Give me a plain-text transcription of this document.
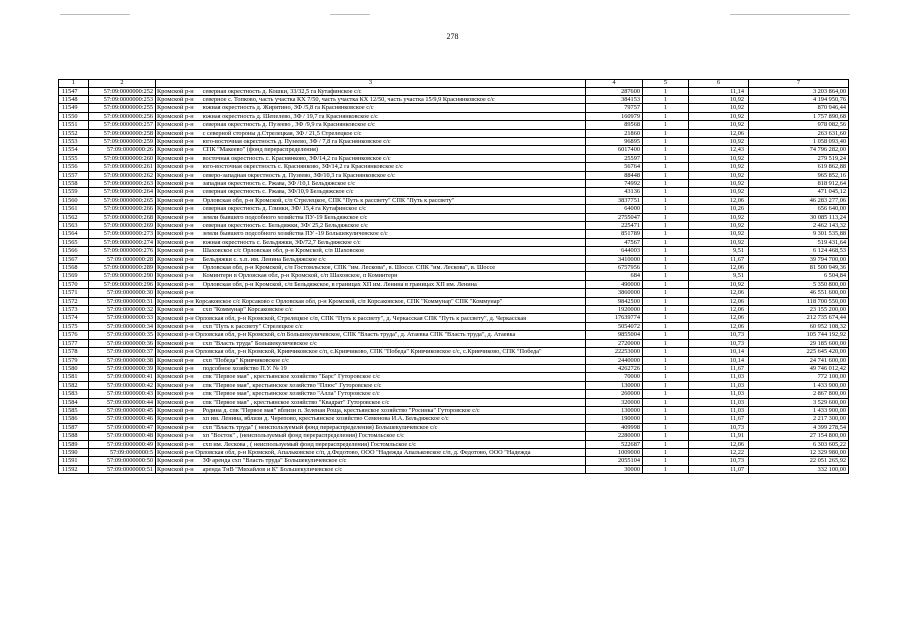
278
1	2	3	4	5	6	7
11547	57:09:0000000:252	Кромской р-н северная окрестность д. Кошки, 33/32,5 га Кутафинское с/с	287600	1	11,14	3 203 864,00
11548	57:09:0000000:253	Кромской р-н северное с. Топково, часть участка КХ 7/50, часть участка КХ 12/50, часть участка 15/9,9 Краснянковское с/с	384153	1	10,92	4 194 950,76
11549	57:09:0000000:255	Кромской р-н южная окрестность д. Жирятино, ЗФ /5,8 га Краснянковское с/с	79757	1	10,92	870 946,44
11550	57:09:0000000:256	Кромской р-н южная окрестность д. Шепелево, ЗФ / 19,7 га Краснянковское с/с	160979	1	10,92	1 757 890,68
11551	57:09:0000000:257	Кромской р-н северная окрестность д. Пузеево , ЗФ /9,9 га Краснянковское с/с	89568	1	10,92	978 082,56
11552	57:09:0000000:258	Кромской р-н с северной стороны д.Стрелецкая, ЗФ / 21,5 Стрелецкое с/с	21860	1	12,06	263 631,60
11553	57:09:0000000:259	Кромской р-н юго-восточная окрестность д. Пузеево, ЗФ / 7,8 га Краснянковское с/с	96895	1	10,92	1 058 093,40
11554	57:09:0000000:26	Кромской р-н СПК "Макеево" (фонд перераспределения)	6017400	1	12,43	74 796 282,00
11555	57:09:0000000:260	Кромской р-н восточная окрестность с. Краснянково, ЗФ/14,2 га Краснянковское с/с	25597	1	10,92	279 519,24
11556	57:09:0000000:261	Кромской р-н юго-восточная окрестность с. Краснянково, ЗФ/14,2 га Краснянковское с/с	56764	1	10,92	619 862,88
11557	57:09:0000000:262	Кромской р-н северо-западная окрестность д. Пузеево, ЗФ/10,3 га Краснянковское с/с	88448	1	10,92	965 852,16
11558	57:09:0000000:263	Кромской р-н западная окрестность с. Ржава, ЗФ /10,1 Бельдяжское с/с	74992	1	10,92	818 912,64
11559	57:09:0000000:264	Кромской р-н северная окрестность с. Ржава, ЗФ/10,9 Бельдяжское с/с	43136	1	10,92	471 045,12
11560	57:09:0000000:265	Кромской р-н Орловская обл, р-н Кромской, с/п Стрелецкое, СПК "Путь к рассвету" СПК "Путь к рассвету"	3837751	1	12,06	46 283 277,06
11561	57:09:0000000:266	Кромской р-н северная окрестность д. Глинки, ЗФ/ 15,4 га Кутафинское с/с	64000	1	10,26	656 640,00
11562	57:09:0000000:268	Кромской р-н земли бывшего подсобного хозяйства ПУ-19 Бельдяжское с/с	2755047	1	10,92	30 085 113,24
11563	57:09:0000000:269	Кромской р-н северная окрестность с. Бельдяжки, ЗФ/ 25,2 Бельдяжское с/с	225471	1	10,92	2 462 143,32
11564	57:09:0000000:273	Кромской р-н земли бывшего подсобного хозяйства ПУ -19 Большекуличевское с/с	851789	1	10,92	9 301 535,88
11565	57:09:0000000:274	Кромской р-н южная окрестность с. Бельдяжки, ЗФ/72,7 Бельдяжское с/с	47567	1	10,92	519 431,64
11566	57:09:0000000:276	Кромской р-н Шаховское с/с Орловская обл, р-н Кромской, с/п Шаховское	644003	1	9,51	6 124 468,53
11567	57:09:0000000:28	Кромской р-н Бельдяжки с. х.п. им. Ленина Бельдяжское с/с	3410000	1	11,67	39 794 700,00
11568	57:09:0000000:289	Кромской р-н Орловская обл, р-н Кромской, с/п Гостомльское, СПК "им. Лескова", в. Шоссе. СПК "им. Лескова", в. Шоссе	6757956	1	12,06	81 500 949,36
11569	57:09:0000000:290	Кромской р-н Коминтерн в Орловская обл, р-н Кромской, с/п Шаховское, п Коминтерн	684	1	9,51	6 504,84
11570	57:09:0000000:296	Кромской р-н Орловская обл, р-н Кромской, с/п Бельдяжское, в границах ХП им. Ленина в границах ХП им. Ленина	490000	1	10,92	5 350 800,00
11571	57:09:0000000:30	Кромской р-н	3860000	1	12,06	46 551 600,00
11572	57:09:0000000:31	Кромской р-н Корсаковское с/с Корсаково с Орловская обл, р-н Кромской, с/п Корсаковское, СПК "Коммунар" СПК "Коммунар"	9842500	1	12,06	118 700 550,00
11573	57:09:0000000:32	Кромской р-н схп "Коммунар" Корсаковское с/с	1920000	1	12,06	23 155 200,00
11574	57:09:0000000:33	Кромской р-н Орловская обл, р-н Кромской, Стрелецкое с/п, СПК "Путь к рассвету", д. Черкасская СПК "Путь к рассвету", д. Черкасская	17639774	1	12,06	212 735 674,44
11575	57:09:0000000:34	Кромской р-н схп "Путь к рассвету" Стрелецкое с/с	5054072	1	12,06	60 952 108,32
11576	57:09:0000000:35	Кромской р-н Орловская обл, р-н Кромской, с/п Большекуличевское, СПК "Власть труда", д. Атаевка СПК "Власть труда", д. Атаевка	9855004	1	10,73	105 744 192,92
11577	57:09:0000000:36	Кромской р-н схп "Власть труда" Большекуличевское с/с	2720000	1	10,73	29 185 600,00
11578	57:09:0000000:37	Кромской р-н Орловская обл, р-н Кромской, Кривчиковское с/п, с.Кривчиково, СПК "Победа" Кривчиковское с/с, с.Кривчиково, СПК "Победа"	22253000	1	10,14	225 645 420,00
11579	57:09:0000000:38	Кромской р-н схп "Победа" Кривчиковское с/с	2440000	1	10,14	24 741 600,00
11580	57:09:0000000:39	Кромской р-н подсобное хозяйство П.У. № 19	4262726	1	11,67	49 746 012,42
11581	57:09:0000000:41	Кромской р-н спк "Первое мая" , крестьянское хозяйство "Барс" Гуторовское с/с	70000	1	11,03	772 100,00
11582	57:09:0000000:42	Кромской р-н спк "Первое мая", крестьянское хозяйство "Плюс" Гуторовское с/с	130000	1	11,03	1 433 900,00
11583	57:09:0000000:43	Кромской р-н спк "Первое мая", крестьянское хозяйство "Алла" Гуторовское с/с	260000	1	11,03	2 867 800,00
11584	57:09:0000000:44	Кромской р-н спк "Первое мая" , крестьянское хозяйство "Квадрат" Гуторовское с/с	320000	1	11,03	3 529 600,00
11585	57:09:0000000:45	Кромской р-н Родина д. спк "Первое мая" вблизи п. Зеленая Роща, крестьянское хозяйство "Росинка" Гуторовское с/с	130000	1	11,03	1 433 900,00
11586	57:09:0000000:46	Кромской р-н хп им. Ленина, вблизи д. Черепово, крестьянское хозяйство Семенова И.А. Бельдяжское с/с	190000	1	11,67	2 217 300,00
11587	57:09:0000000:47	Кромской р-н схп "Власть труда" ( неиспользуемый фонд перераспределения) Большекуличевское с/с	409998	1	10,73	4 399 278,54
11588	57:09:0000000:48	Кромской р-н хп "Восток" , (неиспользуемый фонд перераспределения) Гостомльское с/с	2280000	1	11,91	27 154 800,00
11589	57:09:0000000:49	Кромской р-н схп им. Лескова , ( неиспользуемый фонд перераспределения) Гостомльское с/с	522687	1	12,06	6 303 605,22
11590	57:09:0000000:5	Кромской р-н Орловская обл, р-н Кромской, Апальковское с/п, д.Федотово, ООО "Надежда Апальковское с/п, д. Федотово, ООО "Надежда	1009000	1	12,22	12 329 980,00
11591	57:09:0000000:50	Кромской р-н ЗФ аренда схп "Власть труда" Большекуличевское с/с	2055104	1	10,73	22 051 265,92
11592	57:09:0000000:51	Кромской р-н аренда ТнВ "Михайлов и К" Большекуличевское с/с	30000	1	11,07	332 100,00
